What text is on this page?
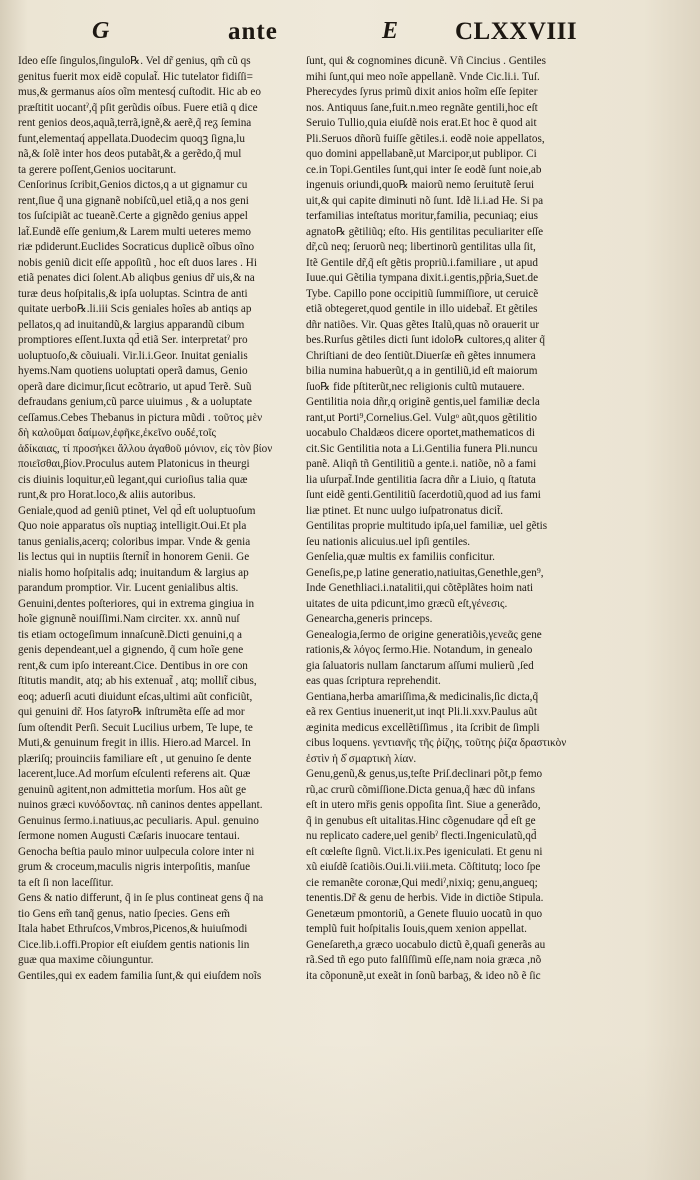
G	ante	E CLXXVIII
Ideo eſſe ſingulos,ſingulo℞. Vel dr̃ genius, qm̃ cũ qs
genitus fuerit mox eidẽ copulat̃. Hic tutelator fidiſſi=
mus,& germanus aíos oĩm mentesq́ cuſtodit. Hic ab eo
præſtitit uocantˀ,q̃ pſit gerũdis oíbus. Fuere etiã q dice
rent genios deos,aquã,terrã,ignẽ,& aerẽ,q̃ reᵹ ſemina
funt,elementaq́ appellata.Duodecim quoqꝫ ſigna,lu
nã,& ſolẽ inter hos deos putabãt,& a gerẽdo,q̃ mul
ta gerere poſſent,Genios uocitarunt.
Cenſorinus ſcribit,Genios dictos,q a ut gignamur cu
rent,ſiue q̃ una gignanẽ nobiſcũ,uel etiã,q a nos geni
tos ſuſcipiãt ac tueanẽ.Certe a gignẽdo genius appel
lat̃.Eundẽ eſſe genium,& Larem multi ueteres memo
riæ pdiderunt.Euclides Socraticus duplicẽ oĩbus oĩno
nobis geniũ dicit eſſe appoſitũ , hoc eſt duos lares . Hi
etiã penates dici ſolent.Ab aliqbus genius dr̃ uis,& na
turæ deus hoſpitalis,& ipſa uoluptas. Scintra de anti
quitate uerbo℞.li.iii Scis geniales hoĩes ab antiqs ap
pellatos,q ad inuitandũ,& largius apparandũ cibum
promptiores eſſent.Iuxta qd̃ etiã Ser. interpretatˀ pro
uoluptuoſo,& cõuiuali. Vir.li.i.Geor. Inuitat genialis
hyems.Nam quotiens uoluptati operã damus, Genio
operã dare dicimur,ſicut ecõtrario, ut apud Terẽ. Suũ
defraudans genium,cũ parce uiuimus , & a uoluptate
ceſſamus.Cebes Thebanus in pictura mũdi . τοῦτος μὲν
δὴ καλοῦμαι δαίμων,ἐφῆκε,ἐκεῖνο ουδέ,τοῖς
ἀδίκαιας, τί προσήκει ἄλλου ἀγαθοῦ μόνιον, εἰς τὸν βίον
ποιεῖσθαι,βίον.Proculus autem Platonicus in theurgi
cis diuinis loquitur,eũ legant,qui curioſius talia quæ
runt,& pro Horat.loco,& aliis autoribus.
Geniale,quod ad geniũ ptinet, Vel qd̃ eſt uoluptuoſum
Quo noie apparatus oĩs nuptiaᵹ intelligit.Oui.Et pla
tanus genialis,acerq; coloribus impar. Vnde & genia
lis lectus qui in nuptiis ſternit̃ in honorem Genii. Ge
nialis homo hoſpitalis adq; inuitandum & largius ap
parandum promptior. Vir. Lucent genialibus altis.
Genuini,dentes poſteriores, qui in extrema gingiua in
hoĩe gignunẽ nouiſſimi.Nam circiter. xx. annũ nuſ
tis etiam octogeſimum innaſcunẽ.Dicti genuini,q a
genis dependeant,uel a gignendo, q̃ cum hoĩe gene
rent,& cum ipſo intereant.Cice. Dentibus in ore con
ſtitutis mandit, atq; ab his extenuat̃ , atq; mollit̃ cibus,
eoq; aduerſi acuti diuidunt eſcas,ultimi aũt conficiũt,
qui genuini dr̃. Hos ſatyro℞ inſtrumẽta eſſe ad mor
ſum oſtendit Perſi. Secuit Lucilius urbem, Te lupe, te
Muti,& genuinum fregit in illis. Hiero.ad Marcel. In
plæriſq; prouinciis familiare eſt , ut genuino ſe dente
lacerent,luce.Ad morſum eſculenti referens ait. Quæ
genuinũ agitent,non admittetia morſum. Hos aũt ge
nuinos græci κυνόδοντας. nñ caninos dentes appellant.
Genuinus ſermo.i.natiuus,ac peculiaris. Apul. genuino
ſermone nomen Augusti Cæſaris inuocare tentaui.
Genocha beſtia paulo minor uulpecula colore inter ni
grum & croceum,maculis nigris interpoſitis, manſue
ta eſt ſi non laceſſitur.
Gens & natio differunt, q̃ in ſe plus contineat gens q̃ na
tio Gens em̃ tanq̃ genus, natio ſpecies. Gens em̃
Itala habet Ethruſcos,Vmbros,Picenos,& huiuſmodi
Cice.lib.i.offi.Propior eſt eiuſdem gentis nationis lin
guæ qua maxime cõiunguntur.
Gentiles,qui ex eadem familia ſunt,& qui eiuſdem noĩs
ſunt, qui & cognomines dicunẽ. Vñ Cincius . Gentiles
mihi ſunt,qui meo noĩe appellanẽ. Vnde Cic.li.i. Tuſ.
Pherecydes ſyrus primũ dixit anios hoĩm eſſe ſepiter
nos. Antiquus ſane,fuit.n.meo regnãte gentili,hoc eſt
Seruio Tullio,quia eiuſdẽ nois erat.Et hoc ẽ quod ait
Pli.Seruos dñorũ fuiſſe gẽtiles.i. eodẽ noie appellatos,
quo domini appellabanẽ,ut Marcipor,ut publipor. Ci
ce.in Topi.Gentiles ſunt,qui inter ſe eodẽ ſunt noie,ab
ingenuis oriundi,quo℞ maiorũ nemo ſeruitutẽ ſerui
uit,& qui capite diminuti nõ ſunt. Idẽ li.i.ad He. Si pa
terfamilias inteſtatus moritur,familia, pecuniaq; eius
agnato℞ gẽtiliũq; eſto. His gentilitas peculiariter eſſe
dr̃,cũ neq; ſeruorũ neq; libertinorũ gentilitas ulla ſit,
Itẽ Gentile dr̃,q̃ eſt gẽtis propriũ.i.familiare , ut apud
Iuue.qui Gẽtilia tympana dixit.i.gentis,pp̃ria,Suet.de
Tybe. Capillo pone occipitiũ ſummiſſiore, ut ceruicẽ
etiã obtegeret,quod gentile in illo uidebat̃. Et gẽtiles
dñr natiões. Vir. Quas gẽtes Italũ,quas nõ orauerit ur
bes.Rurſus gẽtiles dicti ſunt idolo℞ cultores,q aliter q̃
Chriſtiani de deo ſentiũt.Diuerſæ eñ gẽtes innumera
bilia numina habuerũt,q a in gentiliũ,id eſt maiorum
ſuo℞ fide pſtiterũt,nec religionis cultũ mutauere.
Gentilitia noia dñr,q originẽ gentis,uel familiæ decla
rant,ut Porti⁹,Cornelius.Gel. Vulgᵒ aũt,quos gẽtilitio
uocabulo Chaldæos dicere oportet,mathematicos di
cit.Sic Gentilitia nota a Li.Gentilia funera Pli.nuncu
panẽ. Aliqñ tñ Gentilitiũ a gente.i. natiõe, nõ a fami
lia uſurpat̃.Inde gentilitia ſacra dñr a Liuio, q ſtatuta
ſunt eidẽ genti.Gentilitiũ ſacerdotiũ,quod ad ius fami
liæ ptinet. Et nunc uulgo iuſpatronatus dicit̃.
Gentilitas proprie multitudo ipſa,uel familiæ, uel gẽtis
ſeu nationis alicuius.uel ipſi gentiles.
Genſelia,quæ multis ex familiis conficitur.
Geneſis,pe,p latine generatio,natiuitas,Genethle,gen⁹,
Inde Genethliaci.i.natalitii,qui cõtẽplãtes hoim nati
uitates de uita pdicunt,imo græcũ eſt,γένεσις.
Genearcha,generis princeps.
Genealogia,ſermo de origine generatiõis,γενεᾶς gene
rationis,& λόγος ſermo.Hie. Notandum, in genealo
gia ſaluatoris nullam ſanctarum aſſumi mulierũ ,ſed
eas quas ſcriptura reprehendit.
Gentiana,herba amariſſima,& medicinalis,ſic dicta,q̃
eã rex Gentius inuenerit,ut inqt Pli.li.xxv.Paulus aũt
æginita medicus excellẽtiſſimus , ita ſcribit de ſimpli
cibus loquens. γεντιανῆς τῆς ῥίζης, τοῦτης ῥίζα δραστικὸν
ἐστὶν ἡ δ̓ σμαρτικὴ λίαν.
Genu,genũ,& genus,us,teſte Priſ.declinari põt,p femo
rũ,ac crurũ cõmiſſione.Dicta genua,q̃ hæc dũ infans
eſt in utero mřis genis oppoſita ſint. Siue a generãdo,
q̃ in genubus eſt uitalitas.Hinc cõgenudare qd̃ eſt ge
nu replicato cadere,uel genibˀ flecti.Ingeniculatũ,qd̃
eſt cœleſte ſignũ. Vict.li.ix.Pes igeniculati. Et genu ni
xũ eiuſdẽ ſcatiõis.Oui.li.viii.meta. Cõſtitutq; loco ſpe
cie remanẽte coronæ,Qui mediˀ,nixiq; genu,angueq;
tenentis.Dr̃ & genu de herbis. Vide in dictiõe Stipula.
Genetæum pmontoriũ, a Genete fluuio uocatũ in quo
templũ fuit hoſpitalis Iouis,quem xenion appellat.
Geneſareth,a græco uocabulo dictũ ẽ,quaſi generãs au
rã.Sed tñ ego puto falſiſſimũ eſſe,nam noia græca ,nõ
ita cõponunẽ,ut exeãt in ſonũ barbaᵹ, & ideo nõ ẽ ſic
